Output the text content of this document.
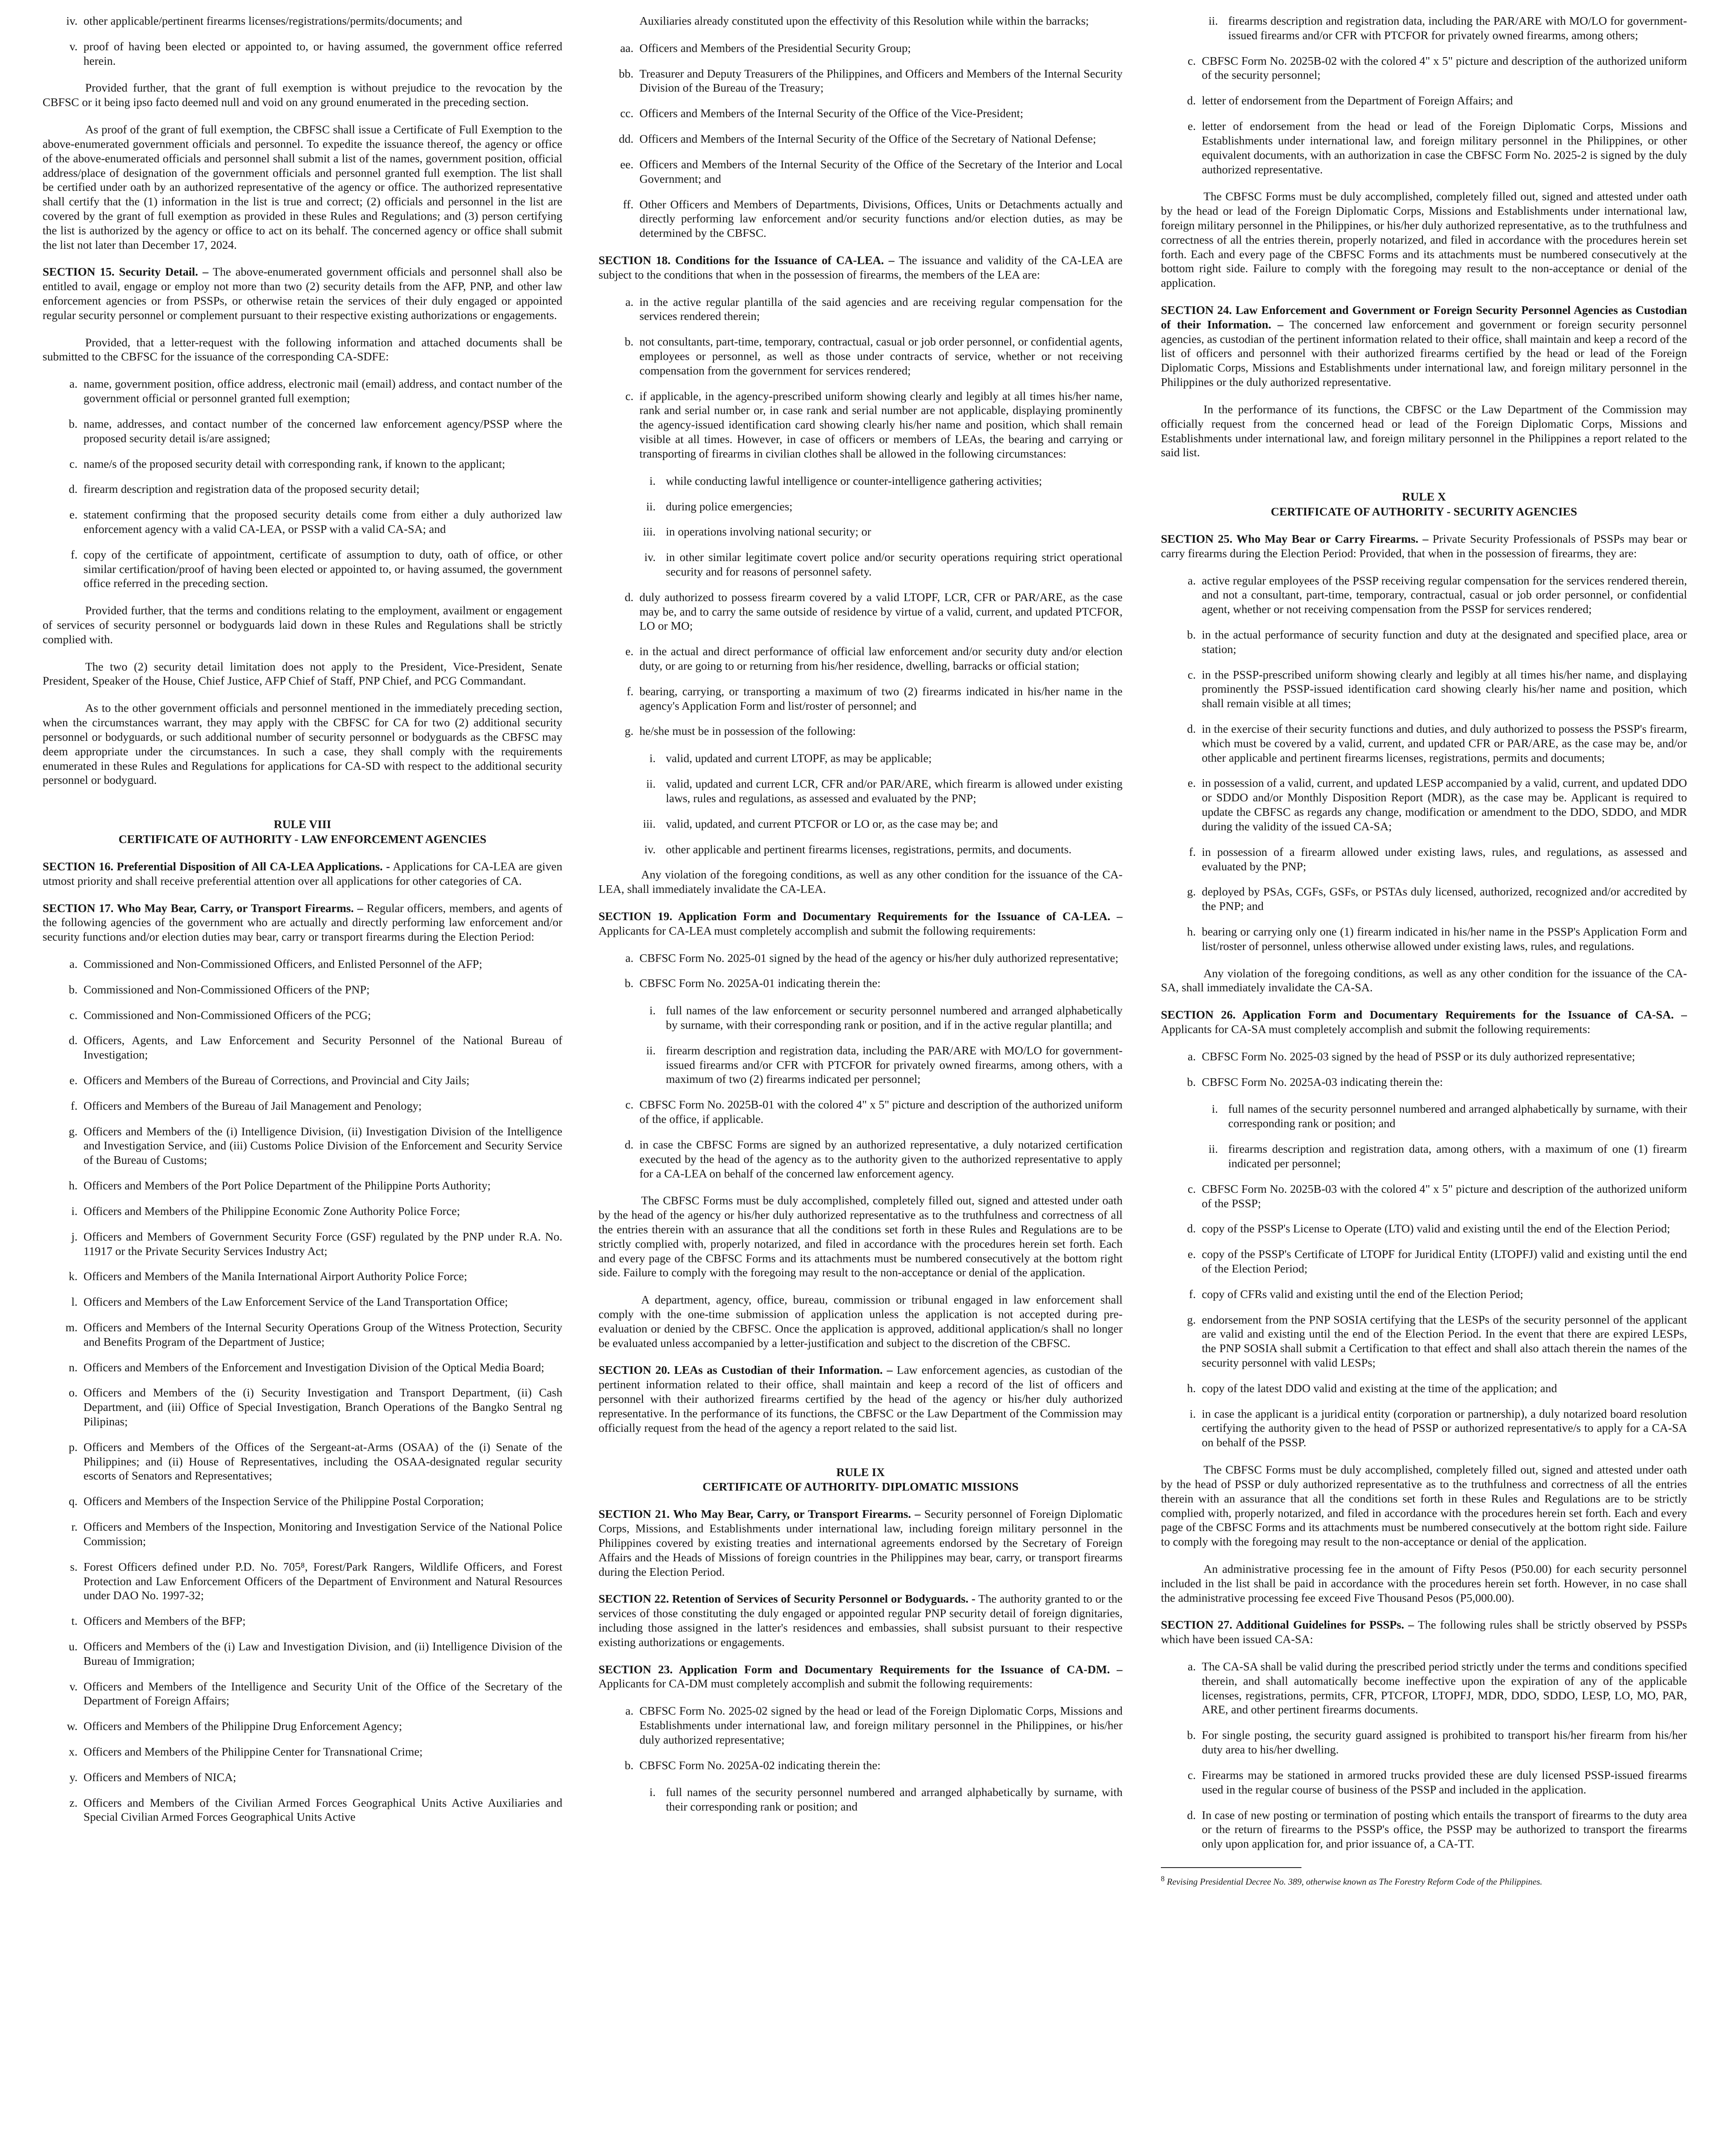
iv. other applicable/pertinent firearms licenses/registrations/permits/documents; and
v. proof of having been elected or appointed to, or having assumed, the government office referred herein.

Provided further, that the grant of full exemption is without prejudice to the revocation by the CBFSC or it being ipso facto deemed null and void on any ground enumerated in the preceding section.

As proof of the grant of full exemption, the CBFSC shall issue a Certificate of Full Exemption to the above-enumerated government officials and personnel. To expedite the issuance thereof, the agency or office of the above-enumerated officials and personnel shall submit a list of the names, government position, official address/place of designation of the government officials and personnel granted full exemption. The list shall be certified under oath by an authorized representative of the agency or office. The authorized representative shall certify that the (1) information in the list is true and correct; (2) officials and personnel in the list are covered by the grant of full exemption as provided in these Rules and Regulations; and (3) person certifying the list is authorized by the agency or office to act on its behalf. The concerned agency or office shall submit the list not later than December 17, 2024.

SECTION 15. Security Detail. – The above-enumerated government officials and personnel shall also be entitled to avail, engage or employ not more than two (2) security details from the AFP, PNP, and other law enforcement agencies or from PSSPs, or otherwise retain the services of their duly engaged or appointed regular security personnel or complement pursuant to their respective existing authorizations or engagements.

Provided, that a letter-request with the following information and attached documents shall be submitted to the CBFSC for the issuance of the corresponding CA-SDFE:

a. name, government position, office address, electronic mail (email) address, and contact number of the government official or personnel granted full exemption;
b. name, addresses, and contact number of the concerned law enforcement agency/PSSP where the proposed security detail is/are assigned;
c. name/s of the proposed security detail with corresponding rank, if known to the applicant;
d. firearm description and registration data of the proposed security detail;
e. statement confirming that the proposed security details come from either a duly authorized law enforcement agency with a valid CA-LEA, or PSSP with a valid CA-SA; and
f. copy of the certificate of appointment, certificate of assumption to duty, oath of office, or other similar certification/proof of having been elected or appointed to, or having assumed, the government office referred in the preceding section.

Provided further, that the terms and conditions relating to the employment, availment or engagement of services of security personnel or bodyguards laid down in these Rules and Regulations shall be strictly complied with.

The two (2) security detail limitation does not apply to the President, Vice-President, Senate President, Speaker of the House, Chief Justice, AFP Chief of Staff, PNP Chief, and PCG Commandant.

As to the other government officials and personnel mentioned in the immediately preceding section, when the circumstances warrant, they may apply with the CBFSC for CA for two (2) additional security personnel or bodyguards, or such additional number of security personnel or bodyguards as the CBFSC may deem appropriate under the circumstances. In such a case, they shall comply with the requirements enumerated in these Rules and Regulations for applications for CA-SD with respect to the additional security personnel or bodyguard.

RULE VIII
CERTIFICATE OF AUTHORITY - LAW ENFORCEMENT AGENCIES

SECTION 16. Preferential Disposition of All CA-LEA Applications. - Applications for CA-LEA are given utmost priority and shall receive preferential attention over all applications for other categories of CA.

SECTION 17. Who May Bear, Carry, or Transport Firearms. – Regular officers, members, and agents of the following agencies of the government who are actually and directly performing law enforcement and/or security functions and/or election duties may bear, carry or transport firearms during the Election Period:

a. Commissioned and Non-Commissioned Officers, and Enlisted Personnel of the AFP;
b. Commissioned and Non-Commissioned Officers of the PNP;
c. Commissioned and Non-Commissioned Officers of the PCG;
d. Officers, Agents, and Law Enforcement and Security Personnel of the National Bureau of Investigation;
e. Officers and Members of the Bureau of Corrections, and Provincial and City Jails;
f. Officers and Members of the Bureau of Jail Management and Penology;
g. Officers and Members of the (i) Intelligence Division, (ii) Investigation Division of the Intelligence and Investigation Service, and (iii) Customs Police Division of the Enforcement and Security Service of the Bureau of Customs;
h. Officers and Members of the Port Police Department of the Philippine Ports Authority;
i. Officers and Members of the Philippine Economic Zone Authority Police Force;
j. Officers and Members of Government Security Force (GSF) regulated by the PNP under R.A. No. 11917 or the Private Security Services Industry Act;
k. Officers and Members of the Manila International Airport Authority Police Force;
l. Officers and Members of the Law Enforcement Service of the Land Transportation Office;
m. Officers and Members of the Internal Security Operations Group of the Witness Protection, Security and Benefits Program of the Department of Justice;
n. Officers and Members of the Enforcement and Investigation Division of the Optical Media Board;
o. Officers and Members of the (i) Security Investigation and Transport Department, (ii) Cash Department, and (iii) Office of Special Investigation, Branch Operations of the Bangko Sentral ng Pilipinas;
p. Officers and Members of the Offices of the Sergeant-at-Arms (OSAA) of the (i) Senate of the Philippines; and (ii) House of Representatives, including the OSAA-designated regular security escorts of Senators and Representatives;
q. Officers and Members of the Inspection Service of the Philippine Postal Corporation;
r. Officers and Members of the Inspection, Monitoring and Investigation Service of the National Police Commission;
s. Forest Officers defined under P.D. No. 705⁸, Forest/Park Rangers, Wildlife Officers, and Forest Protection and Law Enforcement Officers of the Department of Environment and Natural Resources under DAO No. 1997-32;
t. Officers and Members of the BFP;
u. Officers and Members of the (i) Law and Investigation Division, and (ii) Intelligence Division of the Bureau of Immigration;
v. Officers and Members of the Intelligence and Security Unit of the Office of the Secretary of the Department of Foreign Affairs;
w. Officers and Members of the Philippine Drug Enforcement Agency;
x. Officers and Members of the Philippine Center for Transnational Crime;
y. Officers and Members of NICA;
z. Officers and Members of the Civilian Armed Forces Geographical Units Active Auxiliaries and Special Civilian Armed Forces Geographical Units Active

Auxiliaries already constituted upon the effectivity of this Resolution while within the barracks;

aa. Officers and Members of the Presidential Security Group;
bb. Treasurer and Deputy Treasurers of the Philippines, and Officers and Members of the Internal Security Division of the Bureau of the Treasury;
cc. Officers and Members of the Internal Security of the Office of the Vice-President;
dd. Officers and Members of the Internal Security of the Office of the Secretary of National Defense;
ee. Officers and Members of the Internal Security of the Office of the Secretary of the Interior and Local Government; and
ff. Other Officers and Members of Departments, Divisions, Offices, Units or Detachments actually and directly performing law enforcement and/or security functions and/or election duties, as may be determined by the CBFSC.

SECTION 18. Conditions for the Issuance of CA-LEA. – The issuance and validity of the CA-LEA are subject to the conditions that when in the possession of firearms, the members of the LEA are:

a. in the active regular plantilla of the said agencies and are receiving regular compensation for the services rendered therein;
b. not consultants, part-time, temporary, contractual, casual or job order personnel, or confidential agents, employees or personnel, as well as those under contracts of service, whether or not receiving compensation from the government for services rendered;
c. if applicable, in the agency-prescribed uniform showing clearly and legibly at all times his/her name, rank and serial number or, in case rank and serial number are not applicable, displaying prominently the agency-issued identification card showing clearly his/her name and position, which shall remain visible at all times. However, in case of officers or members of LEAs, the bearing and carrying or transporting of firearms in civilian clothes shall be allowed in the following circumstances:
i. while conducting lawful intelligence or counter-intelligence gathering activities;
ii. during police emergencies;
iii. in operations involving national security; or
iv. in other similar legitimate covert police and/or security operations requiring strict operational security and for reasons of personnel safety.
d. duly authorized to possess firearm covered by a valid LTOPF, LCR, CFR or PAR/ARE, as the case may be, and to carry the same outside of residence by virtue of a valid, current, and updated PTCFOR, LO or MO;
e. in the actual and direct performance of official law enforcement and/or security duty and/or election duty, or are going to or returning from his/her residence, dwelling, barracks or official station;
f. bearing, carrying, or transporting a maximum of two (2) firearms indicated in his/her name in the agency's Application Form and list/roster of personnel; and
g. he/she must be in possession of the following:
i. valid, updated and current LTOPF, as may be applicable;
ii. valid, updated and current LCR, CFR and/or PAR/ARE, which firearm is allowed under existing laws, rules and regulations, as assessed and evaluated by the PNP;
iii. valid, updated, and current PTCFOR or LO or, as the case may be; and
iv. other applicable and pertinent firearms licenses, registrations, permits, and documents.

Any violation of the foregoing conditions, as well as any other condition for the issuance of the CA-LEA, shall immediately invalidate the CA-LEA.

SECTION 19. Application Form and Documentary Requirements for the Issuance of CA-LEA. – Applicants for CA-LEA must completely accomplish and submit the following requirements:

a. CBFSC Form No. 2025-01 signed by the head of the agency or his/her duly authorized representative;
b. CBFSC Form No. 2025A-01 indicating therein the:
i. full names of the law enforcement or security personnel numbered and arranged alphabetically by surname, with their corresponding rank or position, and if in the active regular plantilla; and
ii. firearm description and registration data, including the PAR/ARE with MO/LO for government-issued firearms and/or CFR with PTCFOR for privately owned firearms, among others, with a maximum of two (2) firearms indicated per personnel;
c. CBFSC Form No. 2025B-01 with the colored 4" x 5" picture and description of the authorized uniform of the office, if applicable.
d. in case the CBFSC Forms are signed by an authorized representative, a duly notarized certification executed by the head of the agency as to the authority given to the authorized representative to apply for a CA-LEA on behalf of the concerned law enforcement agency.

The CBFSC Forms must be duly accomplished, completely filled out, signed and attested under oath by the head of the agency or his/her duly authorized representative as to the truthfulness and correctness of all the entries therein with an assurance that all the conditions set forth in these Rules and Regulations are to be strictly complied with, properly notarized, and filed in accordance with the procedures herein set forth. Each and every page of the CBFSC Forms and its attachments must be numbered consecutively at the bottom right side. Failure to comply with the foregoing may result to the non-acceptance or denial of the application.

A department, agency, office, bureau, commission or tribunal engaged in law enforcement shall comply with the one-time submission of application unless the application is not accepted during pre-evaluation or denied by the CBFSC. Once the application is approved, additional application/s shall no longer be evaluated unless accompanied by a letter-justification and subject to the discretion of the CBFSC.

SECTION 20. LEAs as Custodian of their Information. – Law enforcement agencies, as custodian of the pertinent information related to their office, shall maintain and keep a record of the list of officers and personnel with their authorized firearms certified by the head of the agency or his/her duly authorized representative. In the performance of its functions, the CBFSC or the Law Department of the Commission may officially request from the head of the agency a report related to the said list.

RULE IX
CERTIFICATE OF AUTHORITY- DIPLOMATIC MISSIONS

SECTION 21. Who May Bear, Carry, or Transport Firearms. – Security personnel of Foreign Diplomatic Corps, Missions, and Establishments under international law, including foreign military personnel in the Philippines covered by existing treaties and international agreements endorsed by the Secretary of Foreign Affairs and the Heads of Missions of foreign countries in the Philippines may bear, carry, or transport firearms during the Election Period.

SECTION 22. Retention of Services of Security Personnel or Bodyguards. - The authority granted to or the services of those constituting the duly engaged or appointed regular PNP security detail of foreign dignitaries, including those assigned in the latter's residences and embassies, shall subsist pursuant to their respective existing authorizations or engagements.

SECTION 23. Application Form and Documentary Requirements for the Issuance of CA-DM. – Applicants for CA-DM must completely accomplish and submit the following requirements:

a. CBFSC Form No. 2025-02 signed by the head or lead of the Foreign Diplomatic Corps, Missions and Establishments under international law, and foreign military personnel in the Philippines, or his/her duly authorized representative;
b. CBFSC Form No. 2025A-02 indicating therein the:
i. full names of the security personnel numbered and arranged alphabetically by surname, with their corresponding rank or position; and
ii. firearms description and registration data, including the PAR/ARE with MO/LO for government-issued firearms and/or CFR with PTCFOR for privately owned firearms, among others;
c. CBFSC Form No. 2025B-02 with the colored 4" x 5" picture and description of the authorized uniform of the security personnel;
d. letter of endorsement from the Department of Foreign Affairs; and
e. letter of endorsement from the head or lead of the Foreign Diplomatic Corps, Missions and Establishments under international law, and foreign military personnel in the Philippines, or other equivalent documents, with an authorization in case the CBFSC Form No. 2025-2 is signed by the duly authorized representative.

The CBFSC Forms must be duly accomplished, completely filled out, signed and attested under oath by the head or lead of the Foreign Diplomatic Corps, Missions and Establishments under international law, foreign military personnel in the Philippines, or his/her duly authorized representative, as to the truthfulness and correctness of all the entries therein, properly notarized, and filed in accordance with the procedures herein set forth. Each and every page of the CBFSC Forms and its attachments must be numbered consecutively at the bottom right side. Failure to comply with the foregoing may result to the non-acceptance or denial of the application.

SECTION 24. Law Enforcement and Government or Foreign Security Personnel Agencies as Custodian of their Information. – The concerned law enforcement and government or foreign security personnel agencies, as custodian of the pertinent information related to their office, shall maintain and keep a record of the list of officers and personnel with their authorized firearms certified by the head or lead of the Foreign Diplomatic Corps, Missions and Establishments under international law, and foreign military personnel in the Philippines or the duly authorized representative.

In the performance of its functions, the CBFSC or the Law Department of the Commission may officially request from the concerned head or lead of the Foreign Diplomatic Corps, Missions and Establishments under international law, and foreign military personnel in the Philippines a report related to the said list.

RULE X
CERTIFICATE OF AUTHORITY - SECURITY AGENCIES

SECTION 25. Who May Bear or Carry Firearms. – Private Security Professionals of PSSPs may bear or carry firearms during the Election Period: Provided, that when in the possession of firearms, they are:

a. active regular employees of the PSSP receiving regular compensation for the services rendered therein, and not a consultant, part-time, temporary, contractual, casual or job order personnel, or confidential agent, whether or not receiving compensation from the PSSP for services rendered;
b. in the actual performance of security function and duty at the designated and specified place, area or station;
c. in the PSSP-prescribed uniform showing clearly and legibly at all times his/her name, and displaying prominently the PSSP-issued identification card showing clearly his/her name and position, which shall remain visible at all times;
d. in the exercise of their security functions and duties, and duly authorized to possess the PSSP's firearm, which must be covered by a valid, current, and updated CFR or PAR/ARE, as the case may be, and/or other applicable and pertinent firearms licenses, registrations, permits and documents;
e. in possession of a valid, current, and updated LESP accompanied by a valid, current, and updated DDO or SDDO and/or Monthly Disposition Report (MDR), as the case may be. Applicant is required to update the CBFSC as regards any change, modification or amendment to the DDO, SDDO, and MDR during the validity of the issued CA-SA;
f. in possession of a firearm allowed under existing laws, rules, and regulations, as assessed and evaluated by the PNP;
g. deployed by PSAs, CGFs, GSFs, or PSTAs duly licensed, authorized, recognized and/or accredited by the PNP; and
h. bearing or carrying only one (1) firearm indicated in his/her name in the PSSP's Application Form and list/roster of personnel, unless otherwise allowed under existing laws, rules, and regulations.

Any violation of the foregoing conditions, as well as any other condition for the issuance of the CA-SA, shall immediately invalidate the CA-SA.

SECTION 26. Application Form and Documentary Requirements for the Issuance of CA-SA. – Applicants for CA-SA must completely accomplish and submit the following requirements:

a. CBFSC Form No. 2025-03 signed by the head of PSSP or its duly authorized representative;
b. CBFSC Form No. 2025A-03 indicating therein the:
i. full names of the security personnel numbered and arranged alphabetically by surname, with their corresponding rank or position; and
ii. firearms description and registration data, among others, with a maximum of one (1) firearm indicated per personnel;
c. CBFSC Form No. 2025B-03 with the colored 4" x 5" picture and description of the authorized uniform of the PSSP;
d. copy of the PSSP's License to Operate (LTO) valid and existing until the end of the Election Period;
e. copy of the PSSP's Certificate of LTOPF for Juridical Entity (LTOPFJ) valid and existing until the end of the Election Period;
f. copy of CFRs valid and existing until the end of the Election Period;
g. endorsement from the PNP SOSIA certifying that the LESPs of the security personnel of the applicant are valid and existing until the end of the Election Period. In the event that there are expired LESPs, the PNP SOSIA shall submit a Certification to that effect and shall also attach therein the names of the security personnel with valid LESPs;
h. copy of the latest DDO valid and existing at the time of the application; and
i. in case the applicant is a juridical entity (corporation or partnership), a duly notarized board resolution certifying the authority given to the head of PSSP or authorized representative/s to apply for a CA-SA on behalf of the PSSP.

The CBFSC Forms must be duly accomplished, completely filled out, signed and attested under oath by the head of PSSP or duly authorized representative as to the truthfulness and correctness of all the entries therein with an assurance that all the conditions set forth in these Rules and Regulations are to be strictly complied with, properly notarized, and filed in accordance with the procedures herein set forth. Each and every page of the CBFSC Forms and its attachments must be numbered consecutively at the bottom right side. Failure to comply with the foregoing may result to the non-acceptance or denial of the application.

An administrative processing fee in the amount of Fifty Pesos (P50.00) for each security personnel included in the list shall be paid in accordance with the procedures herein set forth. However, in no case shall the administrative processing fee exceed Five Thousand Pesos (P5,000.00).

SECTION 27. Additional Guidelines for PSSPs. – The following rules shall be strictly observed by PSSPs which have been issued CA-SA:

a. The CA-SA shall be valid during the prescribed period strictly under the terms and conditions specified therein, and shall automatically become ineffective upon the expiration of any of the applicable licenses, registrations, permits, CFR, PTCFOR, LTOPFJ, MDR, DDO, SDDO, LESP, LO, MO, PAR, ARE, and other pertinent firearms documents.
b. For single posting, the security guard assigned is prohibited to transport his/her firearm from his/her duty area to his/her dwelling.
c. Firearms may be stationed in armored trucks provided these are duly licensed PSSP-issued firearms used in the regular course of business of the PSSP and included in the application.
d. In case of new posting or termination of posting which entails the transport of firearms to the duty area or the return of firearms to the PSSP's office, the PSSP may be authorized to transport the firearms only upon application for, and prior issuance of, a CA-TT.
$^8$ Revising Presidential Decree No. 389, otherwise known as The Forestry Reform Code of the Philippines.
